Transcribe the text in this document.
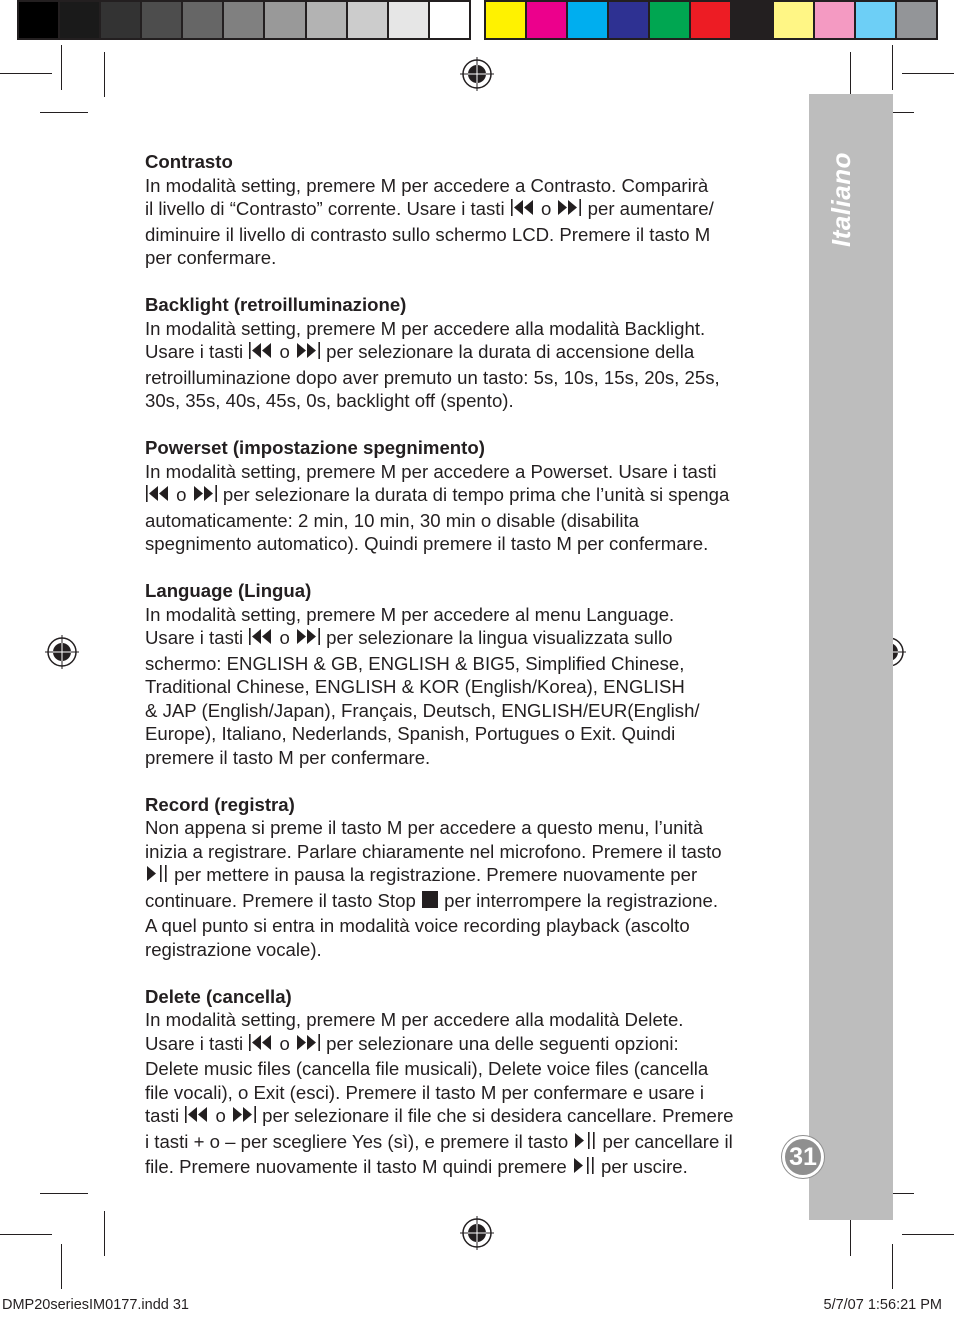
Italiano
31
Contrasto

In modalità setting, premere M per accedere a Contrasto. Comparirà
il livello di “Contrasto” corrente. Usare i tasti  o  per aumentare/
diminuire il livello di contrasto sullo schermo LCD. Premere il tasto M
per confermare.

Backlight (retroilluminazione)

In modalità setting, premere M per accedere alla modalità Backlight.
Usare i tasti  o  per selezionare la durata di accensione della
retroilluminazione dopo aver premuto un tasto: 5s, 10s, 15s, 20s, 25s,
30s, 35s, 40s, 45s, 0s, backlight off (spento).

Powerset (impostazione spegnimento)

In modalità setting, premere M per accedere a Powerset. Usare i tasti
o  per selezionare la durata di tempo prima che l’unità si spenga
automaticamente: 2 min, 10 min, 30 min o disable (disabilita
spegnimento automatico). Quindi premere il tasto M per confermare.

Language (Lingua)

In modalità setting, premere M per accedere al menu Language.
Usare i tasti  o  per selezionare la lingua visualizzata sullo
schermo: ENGLISH & GB, ENGLISH & BIG5, Simplified Chinese,
Traditional Chinese, ENGLISH & KOR (English/Korea), ENGLISH
& JAP (English/Japan), Français, Deutsch, ENGLISH/EUR(English/
Europe), Italiano, Nederlands, Spanish, Portugues o Exit. Quindi
premere il tasto M per confermare.

Record (registra)

Non appena si preme il tasto M per accedere a questo menu, l’unità
inizia a registrare. Parlare chiaramente nel microfono. Premere il tasto
per mettere in pausa la registrazione. Premere nuovamente per
continuare. Premere il tasto Stop  per interrompere la registrazione.
A quel punto si entra in modalità voice recording playback (ascolto
registrazione vocale).

Delete (cancella)

In modalità setting, premere M per accedere alla modalità Delete.
Usare i tasti  o  per selezionare una delle seguenti opzioni:
Delete music files (cancella file musicali), Delete voice files (cancella
file vocali), o Exit (esci). Premere il tasto M per confermare e usare i
tasti  o  per selezionare il file che si desidera cancellare. Premere
i tasti + o – per scegliere Yes (sì), e premere il tasto  per cancellare il
file. Premere nuovamente il tasto M quindi premere  per uscire.

DMP20seriesIM0177.indd 31	5/7/07 1:56:21 PM
